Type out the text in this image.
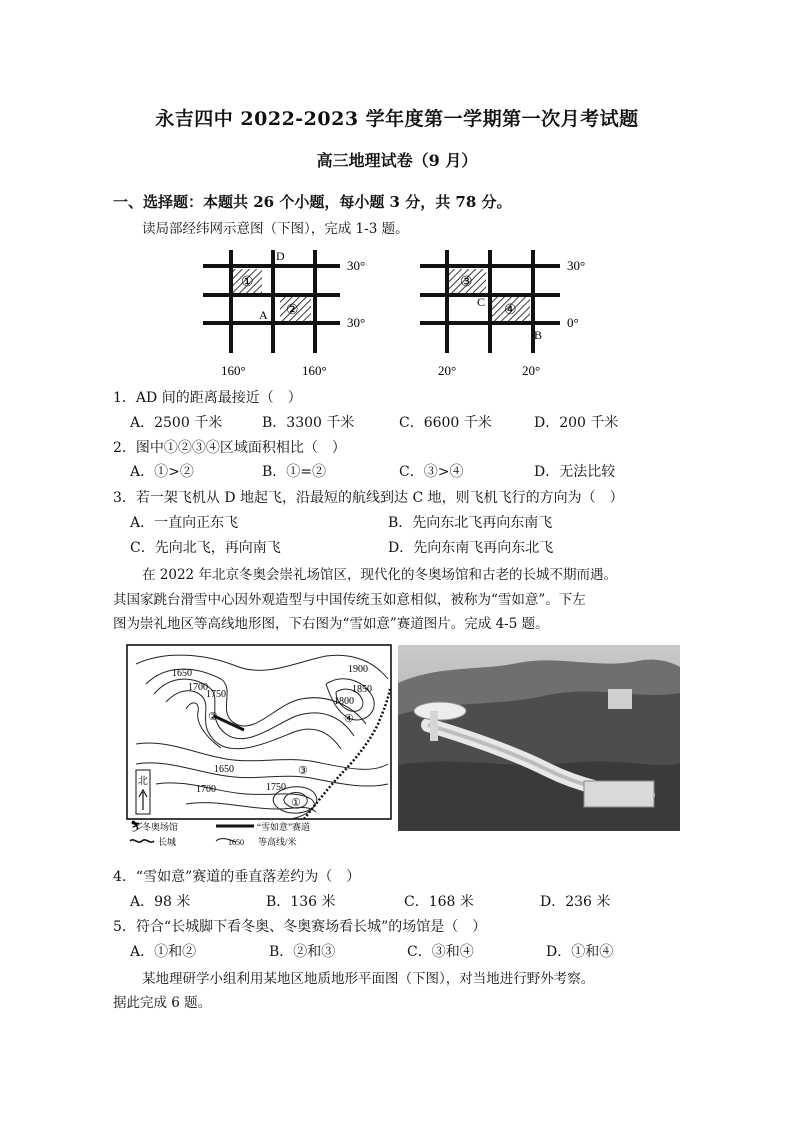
永吉四中 2022-2023 学年度第一学期第一次月考试题
高三地理试卷（9 月）
一、选择题：本题共 26 个小题，每小题 3 分，共 78 分。
读局部经纬网示意图（下图），完成 1-3 题。
D
A
①
②
30°
30°
160°	160°
C
B
③
④
30°
0°
20°	20°
1．AD 间的距离最接近（　）
A．2500 千米	B．3300 千米	C．6600 千米	D．200 千米
2．图中①②③④区域面积相比（　）
A．①>②	B．①=②	C．③>④	D．无法比较
3．若一架飞机从 D 地起飞，沿最短的航线到达 C 地，则飞机飞行的方向为（　）
A．一直向正东飞	B．先向东北飞再向东南飞
C．先向北飞，再向南飞	D．先向东南飞再向东北飞
在 2022 年北京冬奥会崇礼场馆区，现代化的冬奥场馆和古老的长城不期而遇。
其国家跳台滑雪中心因外观造型与中国传统玉如意相似，被称为“雪如意”。下左
图为崇礼地区等高线地形图，下右图为“雪如意”赛道图片。完成 4-5 题。
1650
1700
1750
1900
1850
1800
1650
1700	1750
②	④
③
①
北
⛷
冬奥场馆	“雪如意”赛道
长城	1650 等高线/米
4．“雪如意”赛道的垂直落差约为（　）
A．98 米	B．136 米	C．168 米	D．236 米
5．符合“长城脚下看冬奥、冬奥赛场看长城”的场馆是（　）
A．①和②	B．②和③	C．③和④	D．①和④
某地理研学小组利用某地区地质地形平面图（下图），对当地进行野外考察。
据此完成 6 题。
